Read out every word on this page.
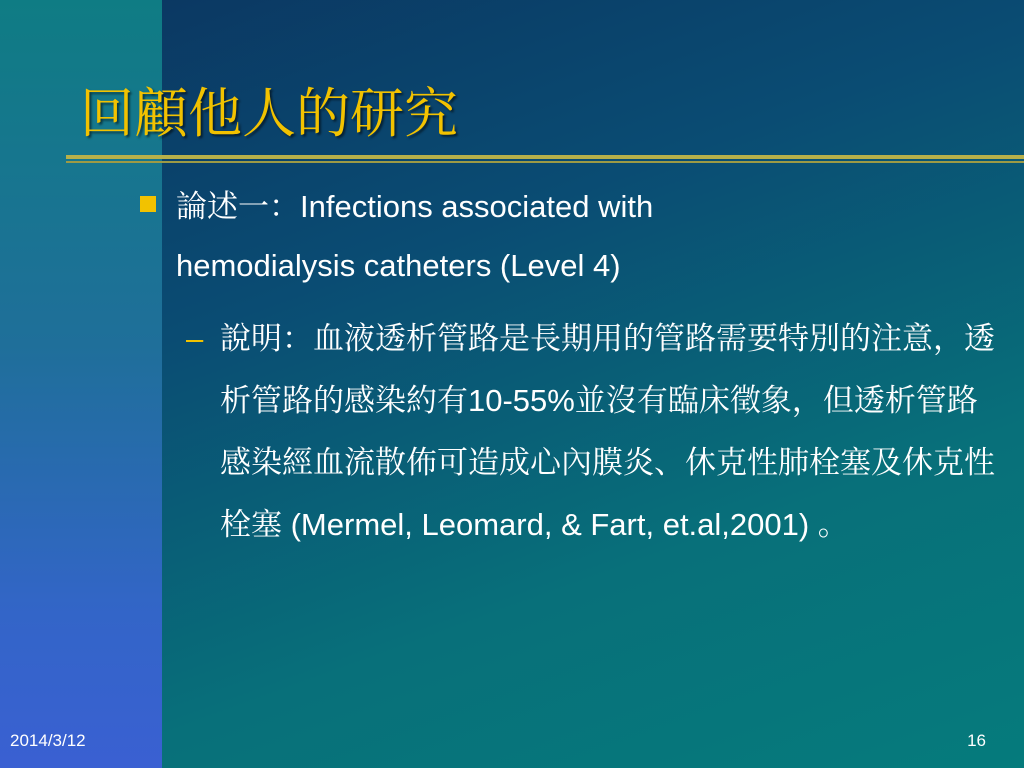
回顧他人的研究
論述一：Infections associated with hemodialysis catheters (Level 4)
– 說明：血液透析管路是長期用的管路需要特別的注意，透析管路的感染約有10-55%並沒有臨床徵象，但透析管路感染經血流散佈可造成心內膜炎、休克性肺栓塞及休克性栓塞 (Mermel, Leomard, & Fart, et.al,2001) 。
2014/3/12	16
